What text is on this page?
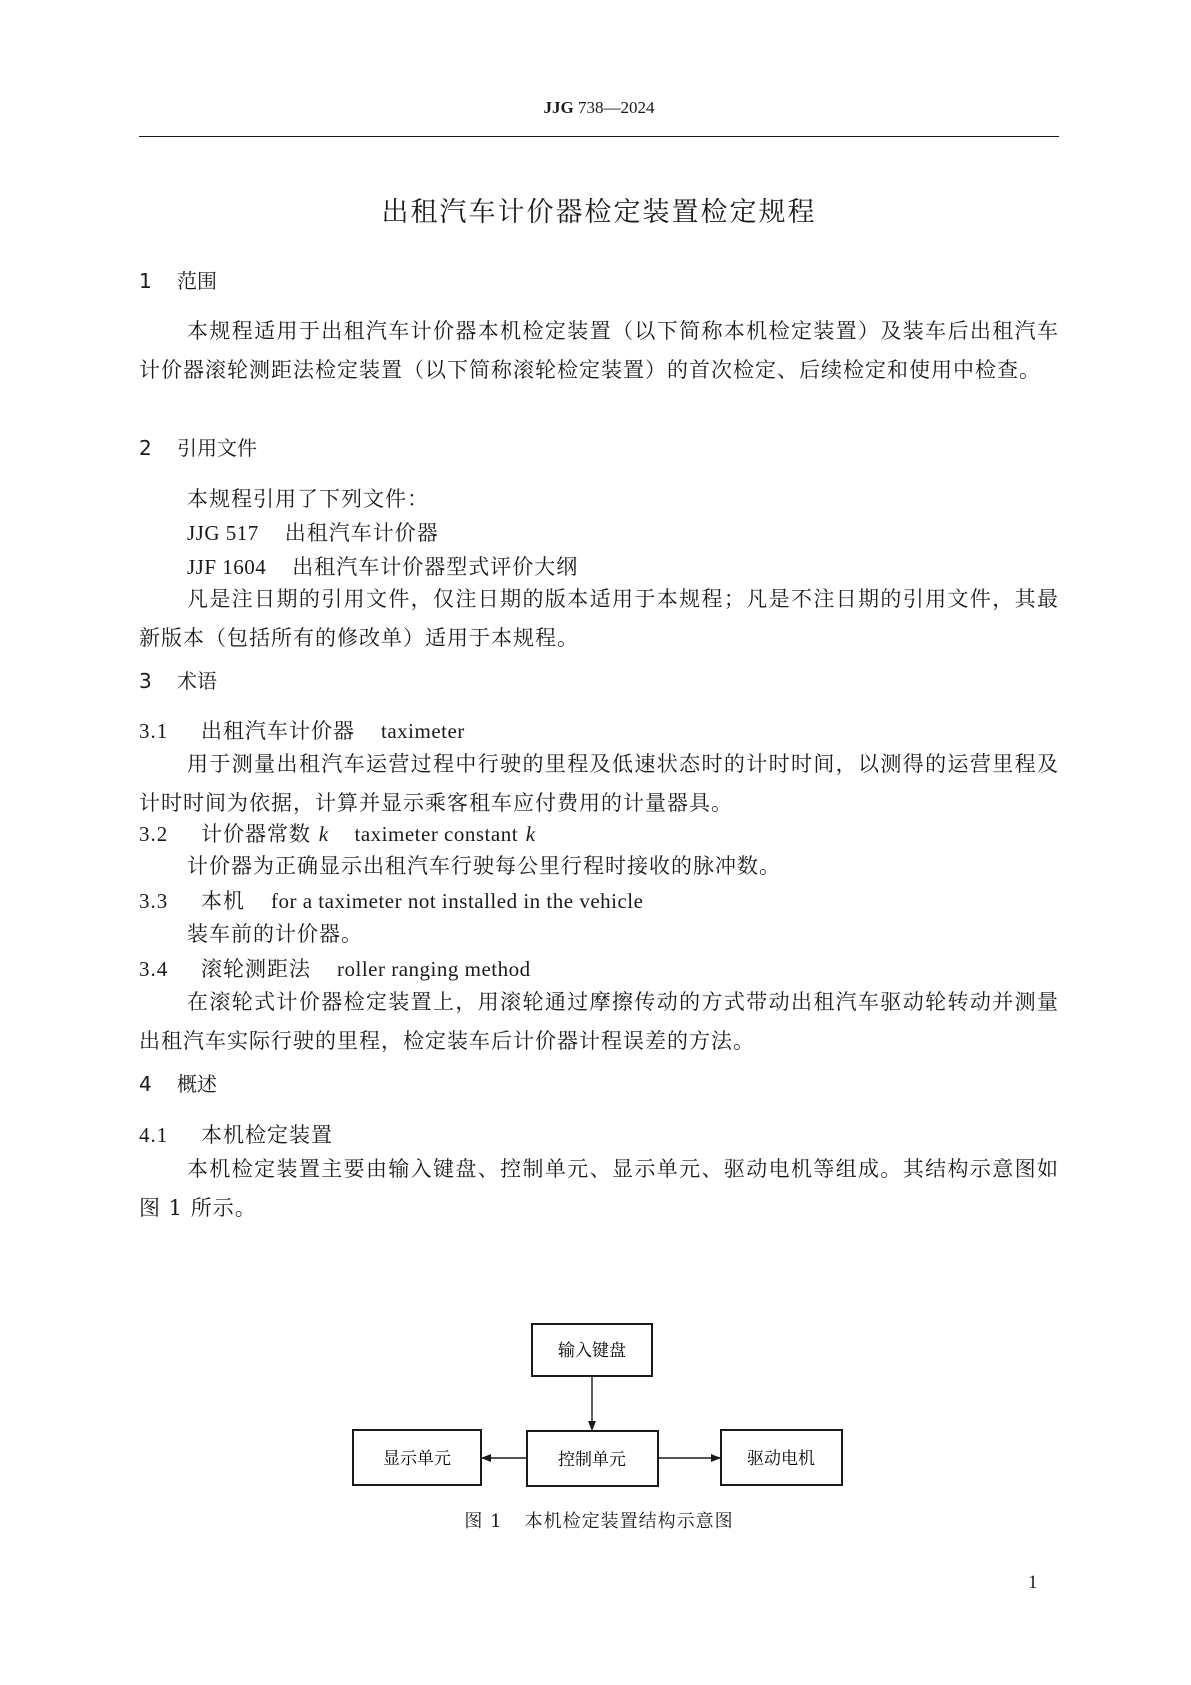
JJG 738—2024
出租汽车计价器检定装置检定规程
1 范围
本规程适用于出租汽车计价器本机检定装置（以下简称本机检定装置）及装车后出租汽车计价器滚轮测距法检定装置（以下简称滚轮检定装置）的首次检定、后续检定和使用中检查。
2 引用文件
本规程引用了下列文件：
JJG 517 出租汽车计价器
JJF 1604 出租汽车计价器型式评价大纲
凡是注日期的引用文件，仅注日期的版本适用于本规程；凡是不注日期的引用文件，其最新版本（包括所有的修改单）适用于本规程。
3 术语
3.1 出租汽车计价器 taximeter
用于测量出租汽车运营过程中行驶的里程及低速状态时的计时时间，以测得的运营里程及计时时间为依据，计算并显示乘客租车应付费用的计量器具。
3.2 计价器常数 k taximeter constant k
计价器为正确显示出租汽车行驶每公里行程时接收的脉冲数。
3.3 本机 for a taximeter not installed in the vehicle
装车前的计价器。
3.4 滚轮测距法 roller ranging method
在滚轮式计价器检定装置上，用滚轮通过摩擦传动的方式带动出租汽车驱动轮转动并测量出租汽车实际行驶的里程，检定装车后计价器计程误差的方法。
4 概述
4.1 本机检定装置
本机检定装置主要由输入键盘、控制单元、显示单元、驱动电机等组成。其结构示意图如图 1 所示。
输入键盘
控制单元
显示单元	驱动电机
图 1 本机检定装置结构示意图
1
